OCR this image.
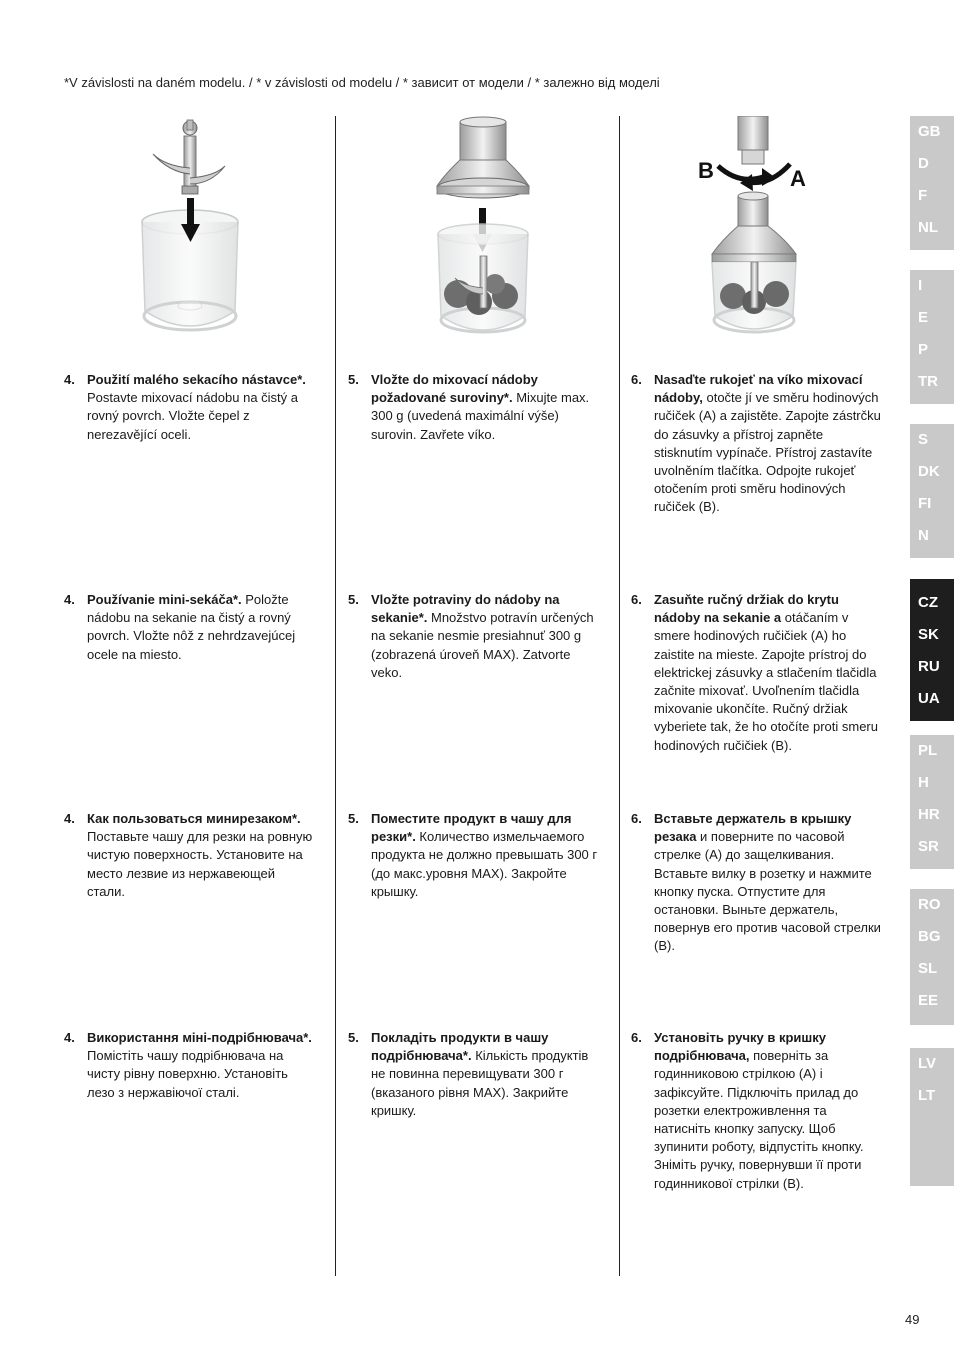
*V závislosti na daném modelu. / * v závislosti od modelu / * зависит от модели / * залежно від моделі
B	A
4. Použití malého sekacího nástavce*. Postavte mixovací nádobu na čistý a rovný povrch. Vložte čepel z nerezavějící oceli.
5. Vložte do mixovací nádoby požadované suroviny*. Mixujte max. 300 g (uvedená maximální výše) surovin. Zavřete víko.
6. Nasaďte rukojeť na víko mixovací nádoby, otočte jí ve směru hodinových ručiček (A) a zajistěte. Zapojte zástrčku do zásuvky a přístroj zapněte stisknutím vypínače. Přístroj zastavíte uvolněním tlačítka. Odpojte rukojeť otočením proti směru hodinových ručiček (B).
4. Používanie mini-sekáča*. Položte nádobu na sekanie na čistý a rovný povrch. Vložte nôž z nehrdzavejúcej ocele na miesto.
5. Vložte potraviny do nádoby na sekanie*. Množstvo potravín určených na sekanie nesmie presiahnuť 300 g (zobrazená úroveň MAX). Zatvorte veko.
6. Zasuňte ručný držiak do krytu nádoby na sekanie a otáčaním v smere hodinových ručičiek (A) ho zaistite na mieste. Zapojte prístroj do elektrickej zásuvky a stlačením tlačidla začnite mixovať. Uvoľnením tlačidla mixovanie ukončíte. Ručný držiak vyberiete tak, že ho otočíte proti smeru hodinových ručičiek (B).
4. Как пользоваться минирезаком*. Поставьте чашу для резки на ровную чистую поверхность. Установите на место лезвие из нержавеющей стали.
5. Поместите продукт в чашу для резки*. Количество измельчаемого продукта не должно превышать 300 г (до макс.уровня MAX). Закройте крышку.
6. Вставьте держатель в крышку резака и поверните по часовой стрелке (A) до защелкивания. Вставьте вилку в розетку и нажмите кнопку пуска. Отпустите для остановки. Выньте держатель, повернув его против часовой стрелки (B).
4. Використання міні-подрібнювача*. Помістіть чашу подрібнювача на чисту рівну поверхню. Установіть лезо з нержавіючої сталі.
5. Покладіть продукти в чашу подрібнювача*. Кількість продуктів не повинна перевищувати 300 г (вказаного рівня MAX). Закрийте кришку.
6. Установіть ручку в кришку подрібнювача, поверніть за годинниковою стрілкою (A) і зафіксуйте. Підключіть прилад до розетки електроживлення та натисніть кнопку запуску. Щоб зупинити роботу, відпустіть кнопку. Зніміть ручку, повернувши її проти годинникової стрілки (B).
GB
D
F
NL
I
E
P
TR
S
DK
FI
N
CZ
SK
RU
UA
PL
H
HR
SR
RO
BG
SL
EE
LV
LT
49
